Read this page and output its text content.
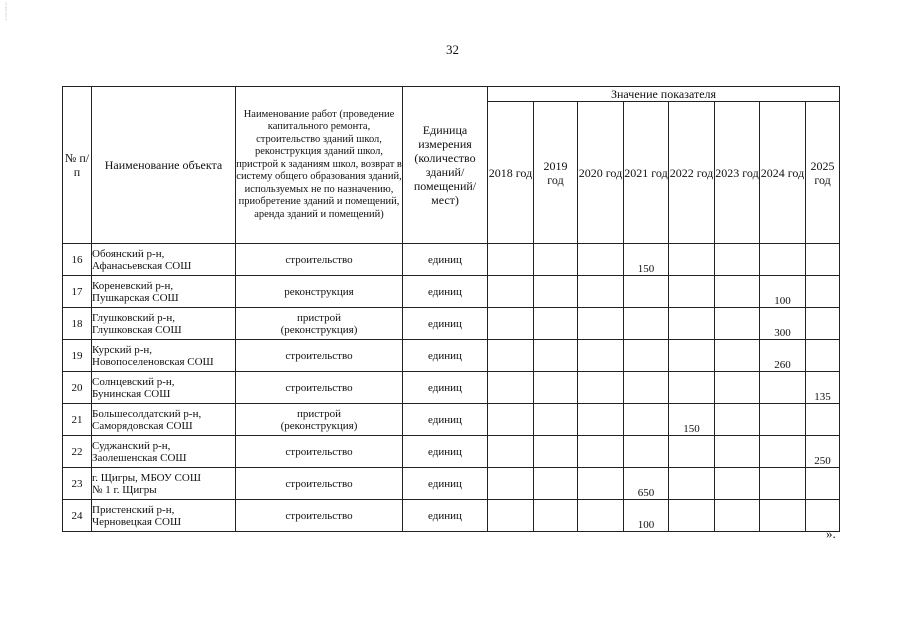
⋮
⋮
⋮
32
№ п/п	Наименование объекта	Наименование работ (проведение капитального ремонта, строительство зданий школ, реконструкция зданий школ, пристрой к заданиям школ, возврат в систему общего образования зданий, используемых не по назначению, приобретение зданий и помещений, аренда зданий и помещений)	Единица измерения (количество зданий/ помещений/ мест)	Значение показателя							
				2018 год	2019 год	2020 год	2021 год	2022 год	2023 год	2024 год	2025 год
16	Обоянский р-н,
Афанасьевская СОШ	строительство	единиц				150				
17	Кореневский р-н,
Пушкарская СОШ	реконструкция	единиц							100	
18	Глушковский р-н,
Глушковская СОШ	пристрой
(реконструкция)	единиц							300	
19	Курский р-н,
Новопоселеновская СОШ	строительство	единиц							260	
20	Солнцевский р-н,
Бунинская СОШ	строительство	единиц								135
21	Большесолдатский р-н,
Саморядовская СОШ	пристрой
(реконструкция)	единиц					150			
22	Суджанский р-н,
Заолешенская СОШ	строительство	единиц								250
23	г. Щигры, МБОУ СОШ
№ 1 г. Щигры	строительство	единиц				650				
24	Пристенский р-н,
Черновецкая СОШ	строительство	единиц				100				
».
